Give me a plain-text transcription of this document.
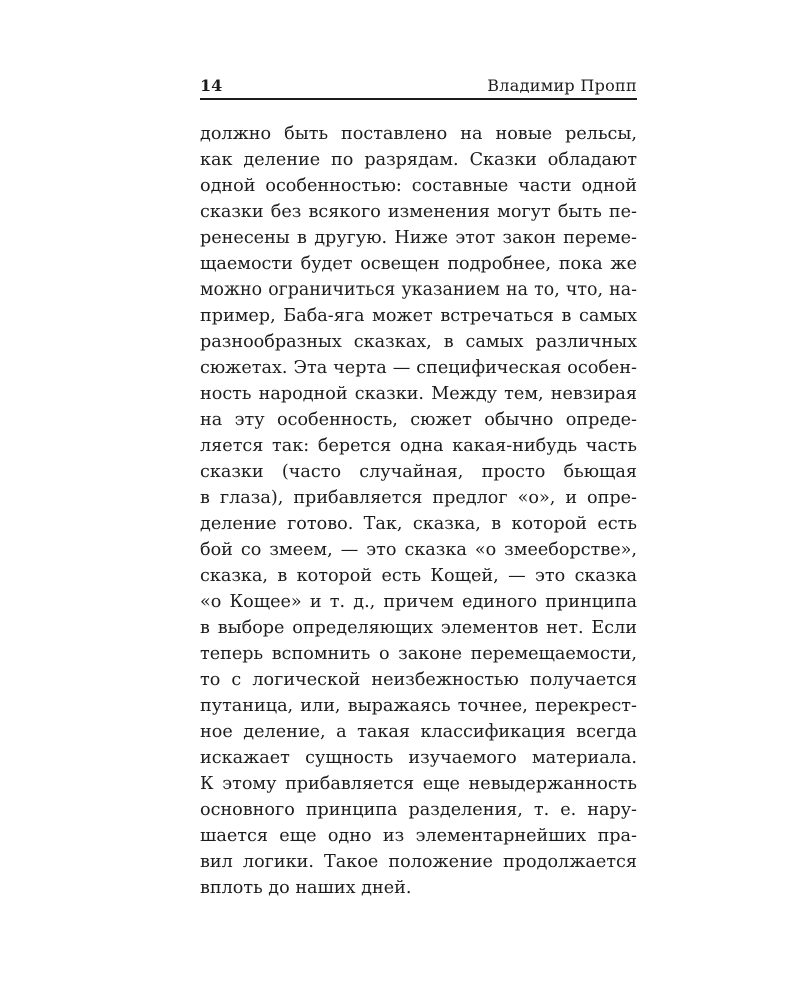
14	Владимир Пропп
должно быть поставлено на новые рельсы,
как деление по разрядам. Сказки обладают
одной особенностью: составные части одной
сказки без всякого изменения могут быть пе-
ренесены в другую. Ниже этот закон переме-
щаемости будет освещен подробнее, пока же
можно ограничиться указанием на то, что, на-
пример, Баба-яга может встречаться в самых
разнообразных сказках, в самых различных
сюжетах. Эта черта — специфическая особен-
ность народной сказки. Между тем, невзирая
на эту особенность, сюжет обычно опреде-
ляется так: берется одна какая-нибудь часть
сказки (часто случайная, просто бьющая
в глаза), прибавляется предлог «о», и опре-
деление готово. Так, сказка, в которой есть
бой со змеем, — это сказка «о змееборстве»,
сказка, в которой есть Кощей, — это сказка
«о Кощее» и т. д., причем единого принципа
в выборе определяющих элементов нет. Если
теперь вспомнить о законе перемещаемости,
то с логической неизбежностью получается
путаница, или, выражаясь точнее, перекрест-
ное деление, а такая классификация всегда
искажает сущность изучаемого материала.
К этому прибавляется еще невыдержанность
основного принципа разделения, т. е. нару-
шается еще одно из элементарнейших пра-
вил логики. Такое положение продолжается
вплоть до наших дней.
